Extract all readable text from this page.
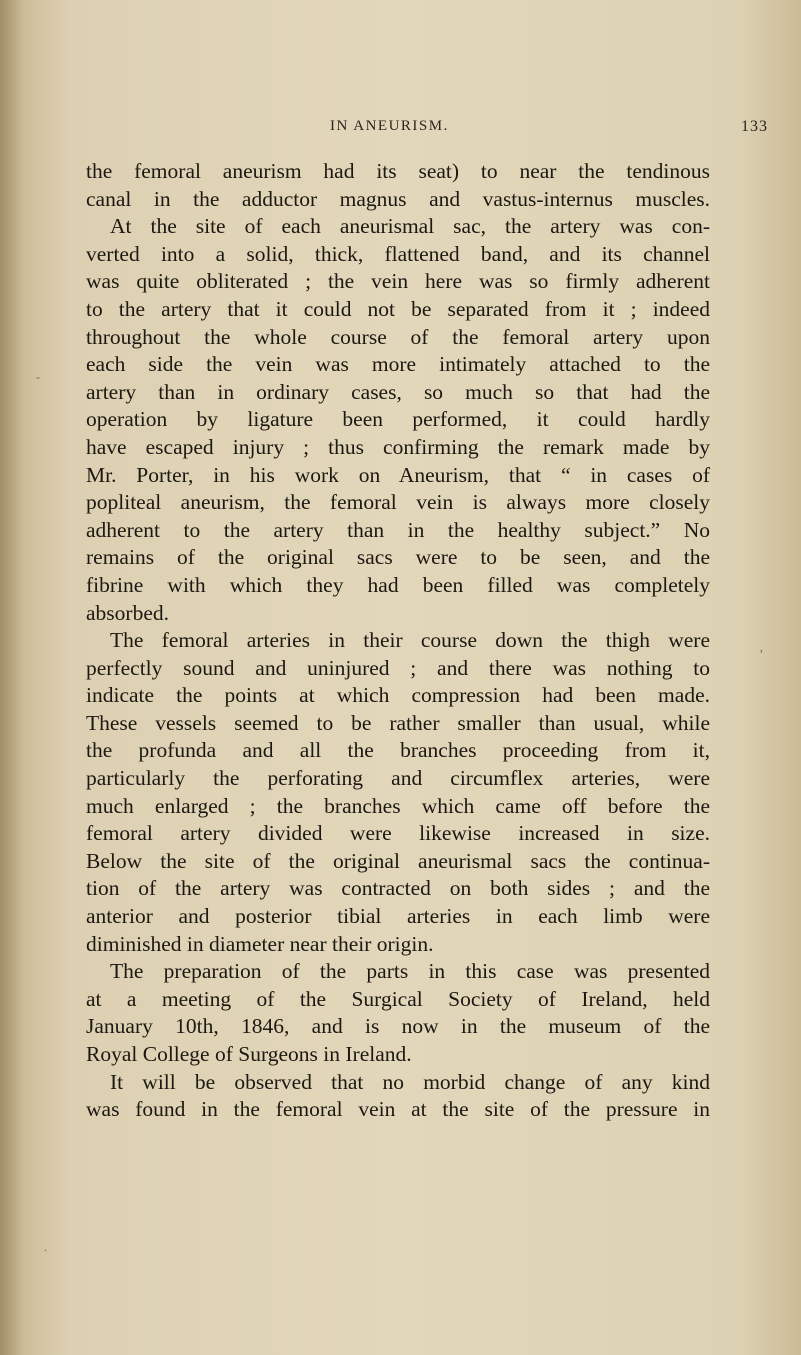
IN ANEURISM.	133
the femoral aneurism had its seat) to near the tendinous
canal in the adductor magnus and vastus-internus muscles.
At the site of each aneurismal sac, the artery was con-
verted into a solid, thick, flattened band, and its channel
was quite obliterated ; the vein here was so firmly adherent
to the artery that it could not be separated from it ; indeed
throughout the whole course of the femoral artery upon
each side the vein was more intimately attached to the
artery than in ordinary cases, so much so that had the
operation by ligature been performed, it could hardly
have escaped injury ; thus confirming the remark made by
Mr. Porter, in his work on Aneurism, that “ in cases of
popliteal aneurism, the femoral vein is always more closely
adherent to the artery than in the healthy subject.” No
remains of the original sacs were to be seen, and the
fibrine with which they had been filled was completely
absorbed.
The femoral arteries in their course down the thigh were
perfectly sound and uninjured ; and there was nothing to
indicate the points at which compression had been made.
These vessels seemed to be rather smaller than usual, while
the profunda and all the branches proceeding from it,
particularly the perforating and circumflex arteries, were
much enlarged ; the branches which came off before the
femoral artery divided were likewise increased in size.
Below the site of the original aneurismal sacs the continua-
tion of the artery was contracted on both sides ; and the
anterior and posterior tibial arteries in each limb were
diminished in diameter near their origin.
The preparation of the parts in this case was presented
at a meeting of the Surgical Society of Ireland, held
January 10th, 1846, and is now in the museum of the
Royal College of Surgeons in Ireland.
It will be observed that no morbid change of any kind
was found in the femoral vein at the site of the pressure in
-
.
,
